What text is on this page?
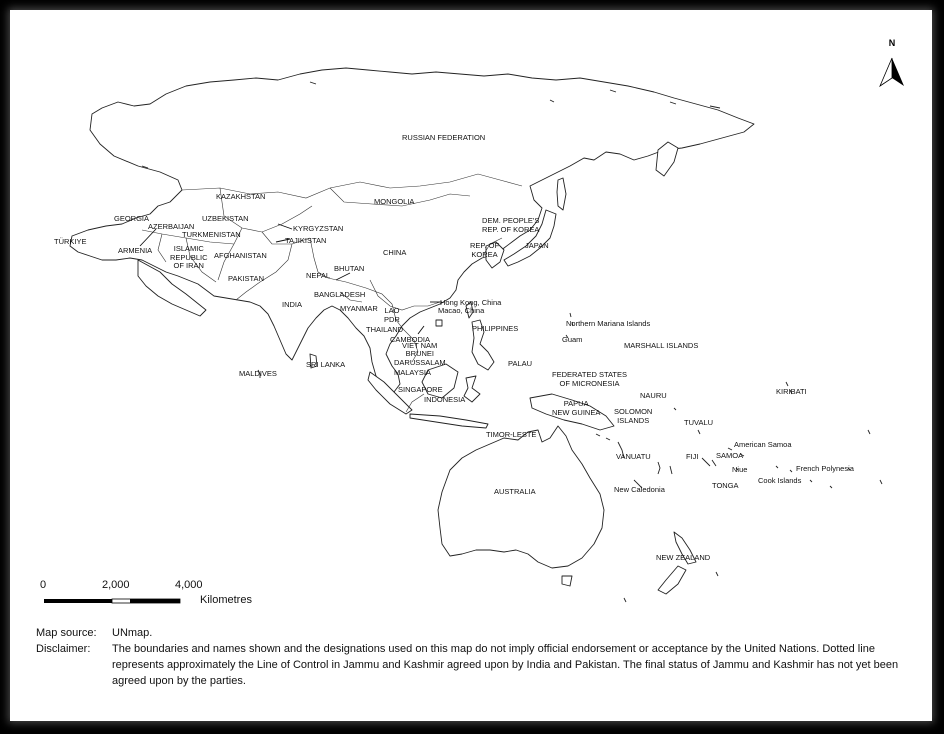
N
RUSSIAN FEDERATION
KAZAKHSTAN
MONGOLIA
GEORGIA
AZERBAIJAN
UZBEKISTAN
TURKMENISTAN
KYRGYZSTAN
TAJIKISTAN
TÜRKIYE
ARMENIA	ISLAMIC
REPUBLIC
OF IRAN
AFGHANISTAN
PAKISTAN
CHINA
DEM. PEOPLE'S
REP. OF KOREA
REP. OF
KOREA
JAPAN
NEPAL
BHUTAN
BANGLADESH
INDIA	MYANMAR LAO
PDR
Hong Kong, China
Macao, China
THAILAND
CAMBODIA
VIET NAM
PHILIPPINES
BRUNEI
DARUSSALAM
MALAYSIA
SINGAPORE
INDONESIA
SRI LANKA
MALDIVES
Northern Mariana Islands
Guam
MARSHALL ISLANDS
PALAU
FEDERATED STATES
OF MICRONESIA
NAURU	KIRIBATI
PAPUA
NEW GUINEA SOLOMON
ISLANDS	TUVALU
TIMOR-LESTE
American Samoa
SAMOA
VANUATU	FIJI
Niue	French Polynesia
TONGA
Cook Islands
New Caledonia
AUSTRALIA
NEW ZEALAND
0	2,000	4,000
Kilometres
Map source:	UNmap.
Disclaimer:	The boundaries and names shown and the designations used on this map do not imply official endorsement or acceptance by the United Nations. Dotted line represents approximately the Line of Control in Jammu and Kashmir agreed upon by India and Pakistan. The final status of Jammu and Kashmir has not yet been agreed upon by the parties.
